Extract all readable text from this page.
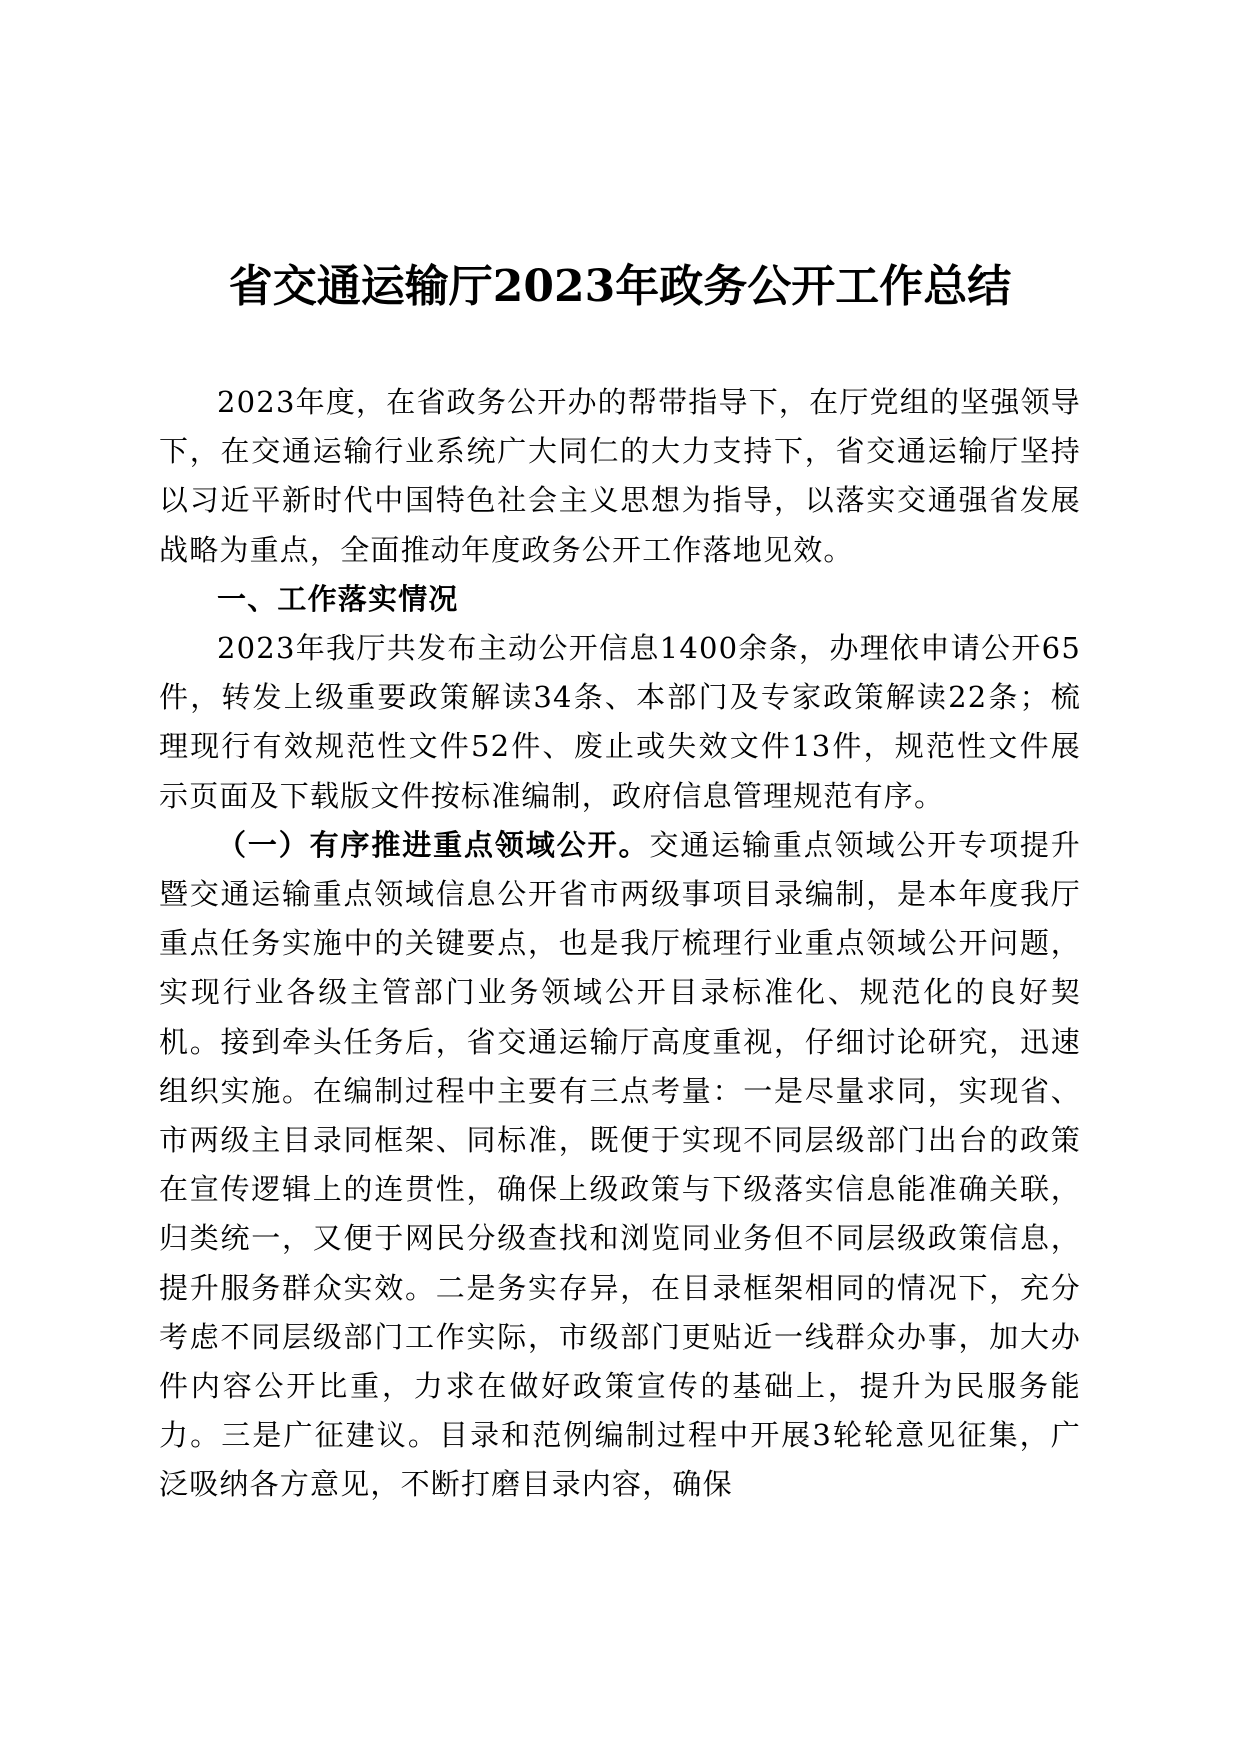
省交通运输厅2023年政务公开工作总结

2023年度，在省政务公开办的帮带指导下，在厅党组的坚强领导下，在交通运输行业系统广大同仁的大力支持下，省交通运输厅坚持以习近平新时代中国特色社会主义思想为指导，以落实交通强省发展战略为重点，全面推动年度政务公开工作落地见效。

一、工作落实情况

2023年我厅共发布主动公开信息1400余条，办理依申请公开65件，转发上级重要政策解读34条、本部门及专家政策解读22条；梳理现行有效规范性文件52件、废止或失效文件13件，规范性文件展示页面及下载版文件按标准编制，政府信息管理规范有序。

（一）有序推进重点领域公开。交通运输重点领域公开专项提升暨交通运输重点领域信息公开省市两级事项目录编制，是本年度我厅重点任务实施中的关键要点，也是我厅梳理行业重点领域公开问题，实现行业各级主管部门业务领域公开目录标准化、规范化的良好契机。接到牵头任务后，省交通运输厅高度重视，仔细讨论研究，迅速组织实施。在编制过程中主要有三点考量：一是尽量求同，实现省、市两级主目录同框架、同标准，既便于实现不同层级部门出台的政策在宣传逻辑上的连贯性，确保上级政策与下级落实信息能准确关联，归类统一，又便于网民分级查找和浏览同业务但不同层级政策信息，提升服务群众实效。二是务实存异，在目录框架相同的情况下，充分考虑不同层级部门工作实际，市级部门更贴近一线群众办事，加大办件内容公开比重，力求在做好政策宣传的基础上，提升为民服务能力。三是广征建议。目录和范例编制过程中开展3轮轮意见征集，广泛吸纳各方意见，不断打磨目录内容，确保
